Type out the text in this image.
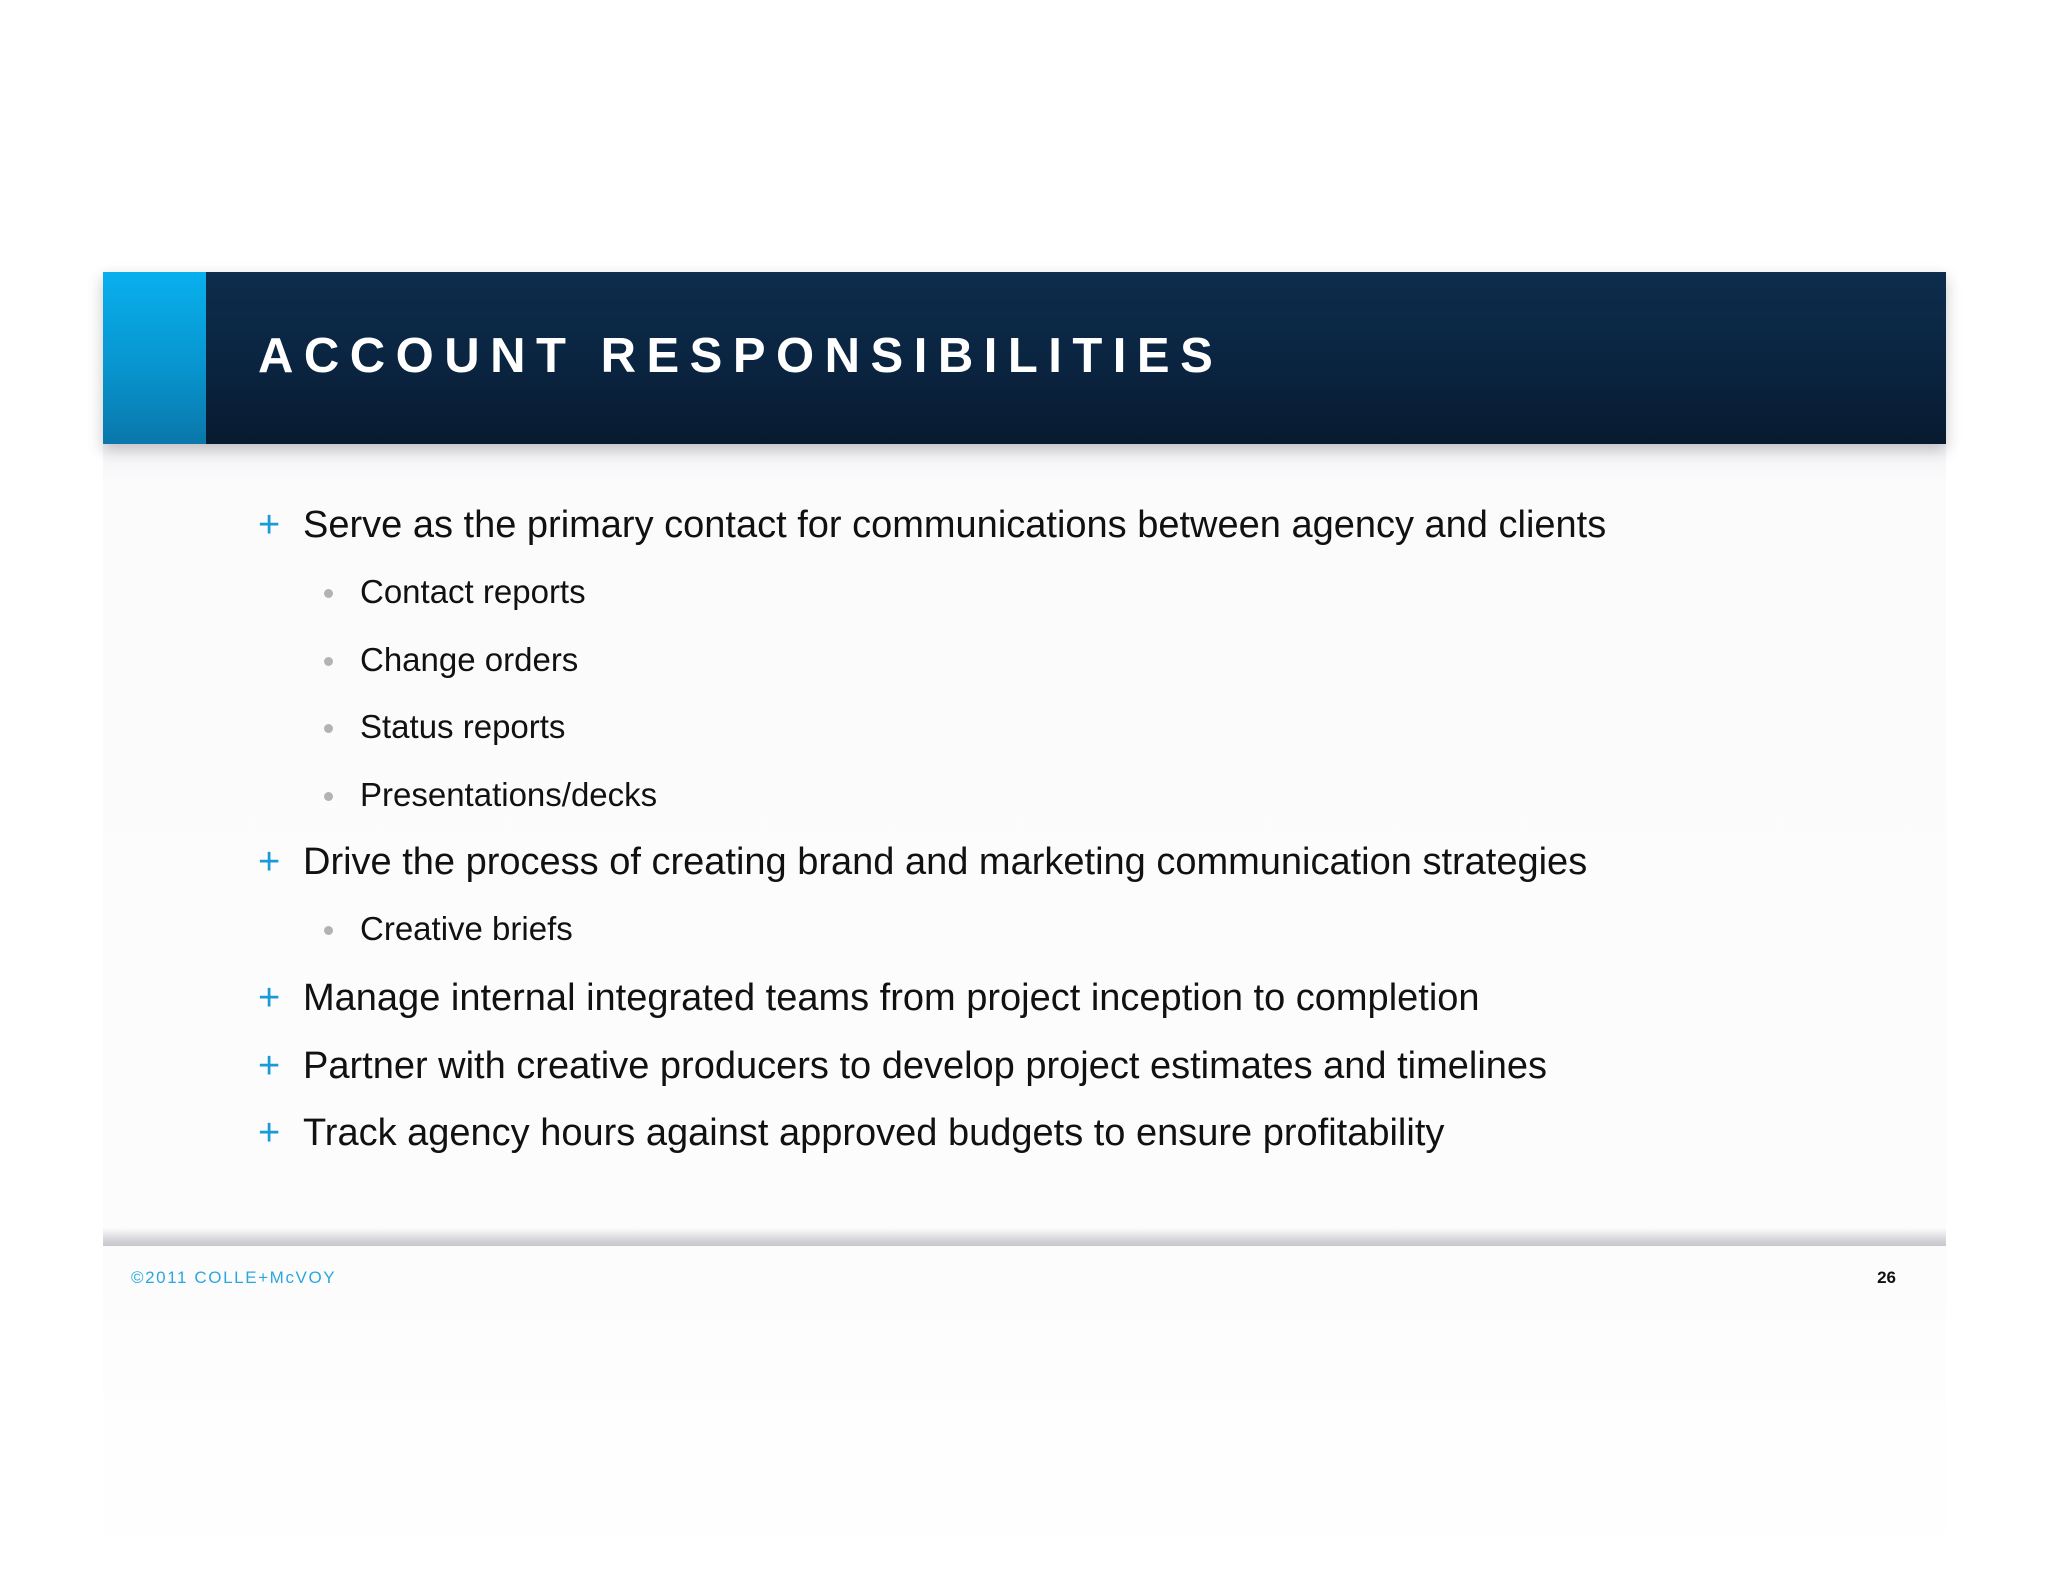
ACCOUNT RESPONSIBILITIES
+ Serve as the primary contact for communications between agency and clients
Contact reports
Change orders
Status reports
Presentations/decks
+ Drive the process of creating brand and marketing communication strategies
Creative briefs
+ Manage internal integrated teams from project inception to completion
+ Partner with creative producers to develop project estimates and timelines
+ Track agency hours against approved budgets to ensure profitability
©2011 COLLE+McVOY	26
